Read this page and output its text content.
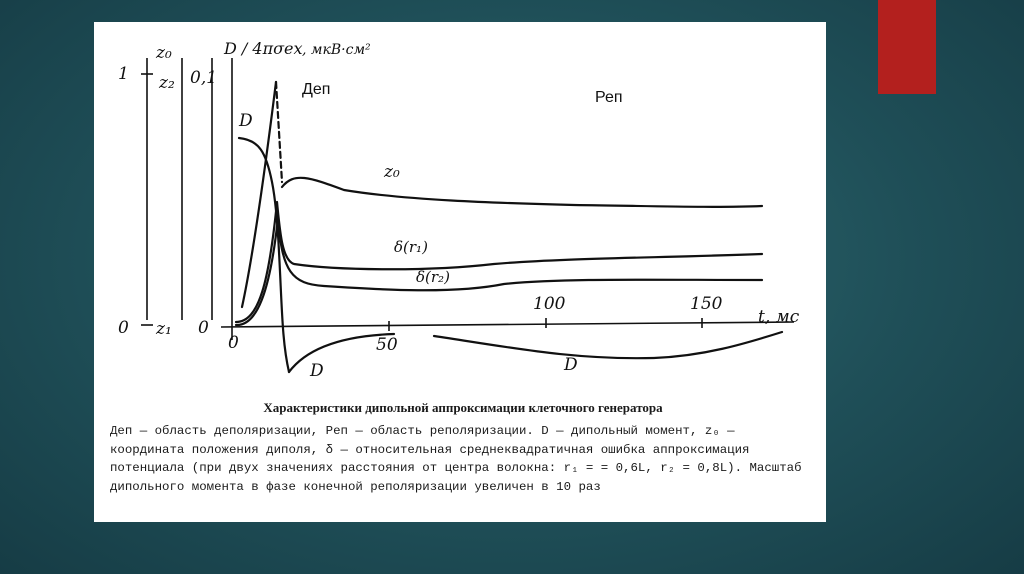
z₀
z₂
z₁
1
0
0,1
0
D / 4πσex , мкВ·см²
Деп	Реп
D
z₀
δ(r₁)
δ(r₂)
D	D
0	50
100	150
t, мс

Характеристики дипольной аппроксимации клеточного генератора

Деп — область деполяризации, Реп — область реполяризации. D — дипольный момент, z₀ — координата положения диполя, δ — относительная среднеквадратичная ошибка аппроксимация потенциала (при двух значениях расстояния от центра волокна: r₁ = = 0,6L, r₂ = 0,8L). Масштаб дипольного момента в фазе конечной реполяризации увеличен в 10 раз
